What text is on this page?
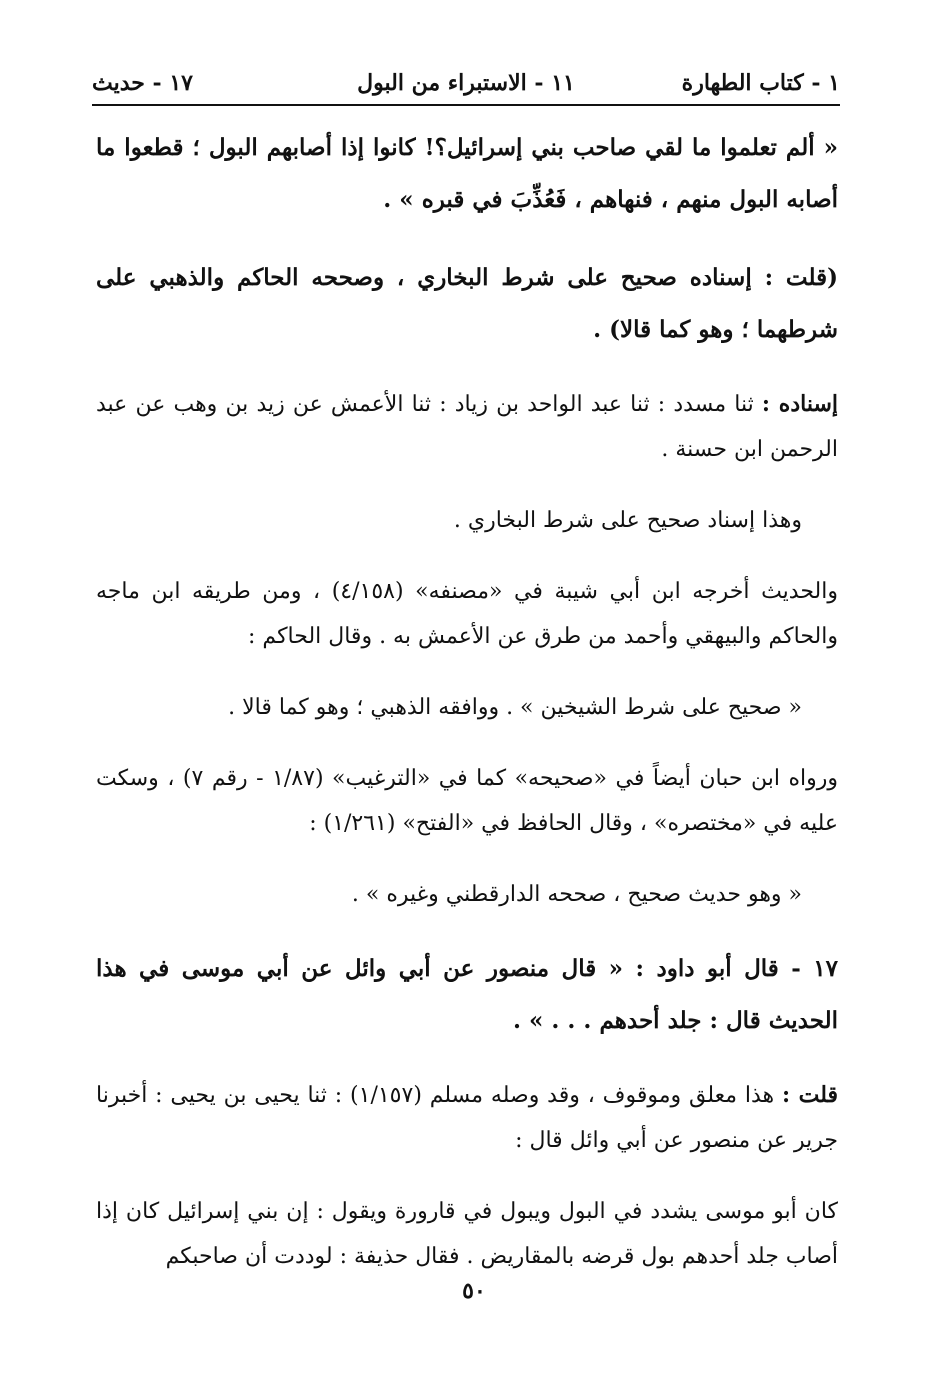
١ - كتاب الطهارة
١١ - الاستبراء من البول
١٧ - حديث

« ألم تعلموا ما لقي صاحب بني إسرائيل؟! كانوا إذا أصابهم البول ؛ قطعوا ما أصابه البول منهم ، فنهاهم ، فَعُذِّبَ في قبره » .

(قلت : إسناده صحيح على شرط البخاري ، وصححه الحاكم والذهبي على شرطهما ؛ وهو كما قالا) .

إسناده : ثنا مسدد : ثنا عبد الواحد بن زياد : ثنا الأعمش عن زيد بن وهب عن عبد الرحمن ابن حسنة .

وهذا إسناد صحيح على شرط البخاري .

والحديث أخرجه ابن أبي شيبة في «مصنفه» (٤/١٥٨) ، ومن طريقه ابن ماجه والحاكم والبيهقي وأحمد من طرق عن الأعمش به . وقال الحاكم :

« صحيح على شرط الشيخين » . ووافقه الذهبي ؛ وهو كما قالا .

ورواه ابن حبان أيضاً في «صحيحه» كما في «الترغيب» (١/٨٧ - رقم ٧) ، وسكت عليه في «مختصره» ، وقال الحافظ في «الفتح» (١/٢٦١) :

« وهو حديث صحيح ، صححه الدارقطني وغيره » .

١٧ - قال أبو داود : « قال منصور عن أبي وائل عن أبي موسى في هذا الحديث قال : جلد أحدهم . . . » .

قلت : هذا معلق وموقوف ، وقد وصله مسلم (١/١٥٧) : ثنا يحيى بن يحيى : أخبرنا جرير عن منصور عن أبي وائل قال :

كان أبو موسى يشدد في البول ويبول في قارورة ويقول : إن بني إسرائيل كان إذا أصاب جلد أحدهم بول قرضه بالمقاريض . فقال حذيفة : لوددت أن صاحبكم

٥٠
